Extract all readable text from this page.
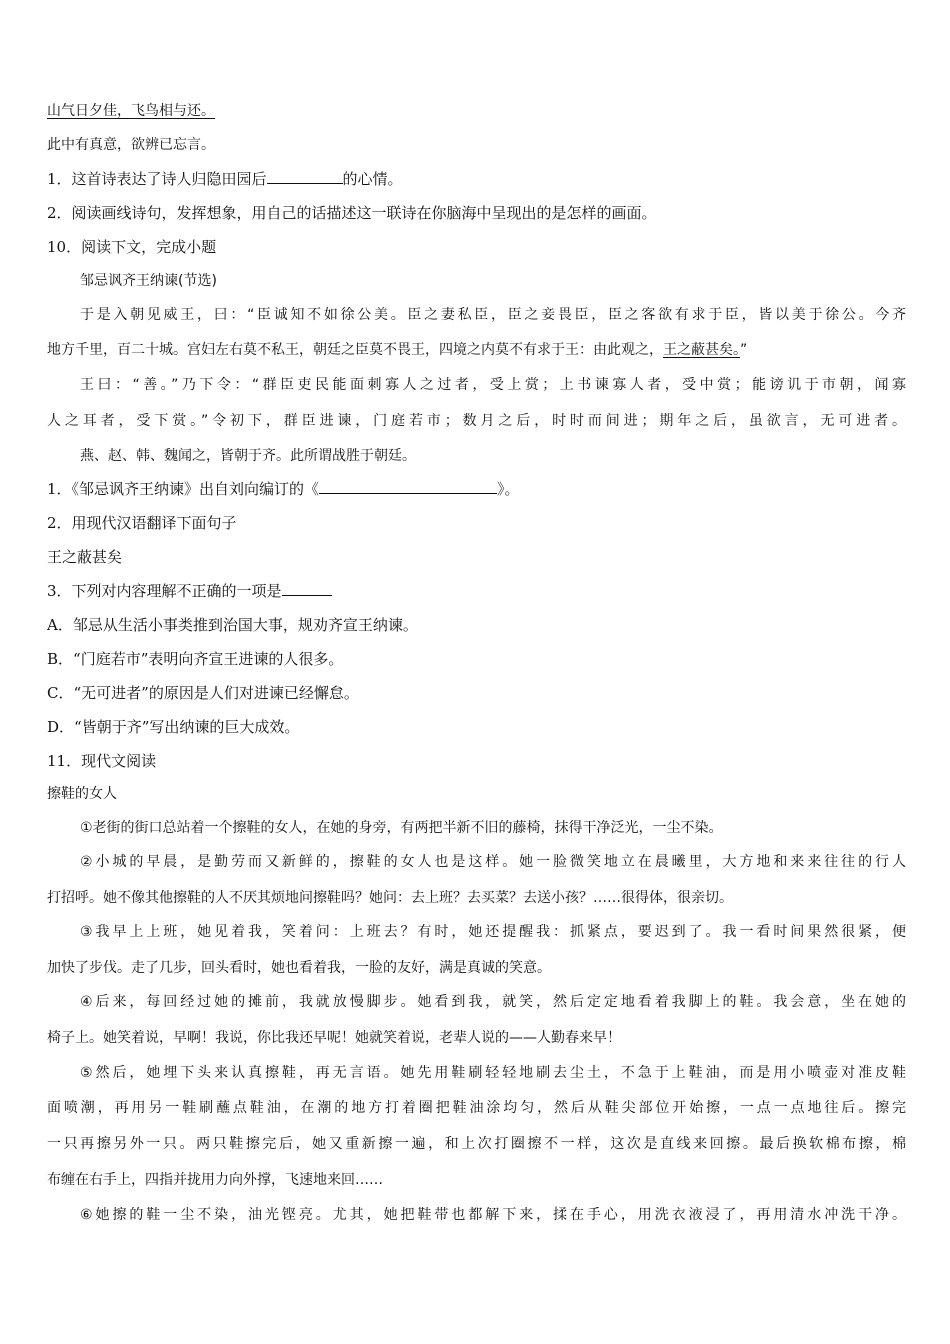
山气日夕佳，飞鸟相与还。
此中有真意，欲辨已忘言。
1．这首诗表达了诗人归隐田园后	的心情。
2．阅读画线诗句，发挥想象，用自己的话描述这一联诗在你脑海中呈现出的是怎样的画面。
10．阅读下文，完成小题
邹忌讽齐王纳谏(节选)
于是入朝见威王，曰：“臣诚知不如徐公美。臣之妻私臣，臣之妾畏臣，臣之客欲有求于臣，皆以美于徐公。今齐
地方千里，百二十城。宫妇左右莫不私王，朝廷之臣莫不畏王，四境之内莫不有求于王：由此观之，王之蔽甚矣。”
王曰：“善。”乃下令：“群臣吏民能面刺寡人之过者，受上赏；上书谏寡人者，受中赏；能谤讥于市朝，闻寡
人之耳者，受下赏。”令初下，群臣进谏，门庭若市；数月之后，时时而间进；期年之后，虽欲言，无可进者。
燕、赵、韩、魏闻之，皆朝于齐。此所谓战胜于朝廷。
1．《邹忌讽齐王纳谏》出自刘向编订的《	》。
2．用现代汉语翻译下面句子
王之蔽甚矣
3．下列对内容理解不正确的一项是
A．邹忌从生活小事类推到治国大事，规劝齐宣王纳谏。
B．“门庭若市”表明向齐宣王进谏的人很多。
C．“无可进者”的原因是人们对进谏已经懈怠。
D．“皆朝于齐”写出纳谏的巨大成效。
11．现代文阅读
擦鞋的女人
①老街的街口总站着一个擦鞋的女人，在她的身旁，有两把半新不旧的藤椅，抹得干净泛光，一尘不染。
②小城的早晨，是勤劳而又新鲜的，擦鞋的女人也是这样。她一脸微笑地立在晨曦里，大方地和来来往往的行人
打招呼。她不像其他擦鞋的人不厌其烦地问擦鞋吗？她问：去上班？去买菜？去送小孩？……很得体，很亲切。
③我早上上班，她见着我，笑着问：上班去？有时，她还提醒我：抓紧点，要迟到了。我一看时间果然很紧，便
加快了步伐。走了几步，回头看时，她也看着我，一脸的友好，满是真诚的笑意。
④后来，每回经过她的摊前，我就放慢脚步。她看到我，就笑，然后定定地看着我脚上的鞋。我会意，坐在她的
椅子上。她笑着说，早啊！我说，你比我还早呢！她就笑着说，老辈人说的——人勤春来早！
⑤然后，她埋下头来认真擦鞋，再无言语。她先用鞋刷轻轻地刷去尘土，不急于上鞋油，而是用小喷壶对准皮鞋
面喷潮，再用另一鞋刷蘸点鞋油，在潮的地方打着圈把鞋油涂均匀，然后从鞋尖部位开始擦，一点一点地往后。擦完
一只再擦另外一只。两只鞋擦完后，她又重新擦一遍，和上次打圈擦不一样，这次是直线来回擦。最后换软棉布擦，棉
布缠在右手上，四指并拢用力向外撑，飞速地来回……
⑥她擦的鞋一尘不染，油光铿亮。尤其，她把鞋带也都解下来，揉在手心，用洗衣液浸了，再用清水冲洗干净。
